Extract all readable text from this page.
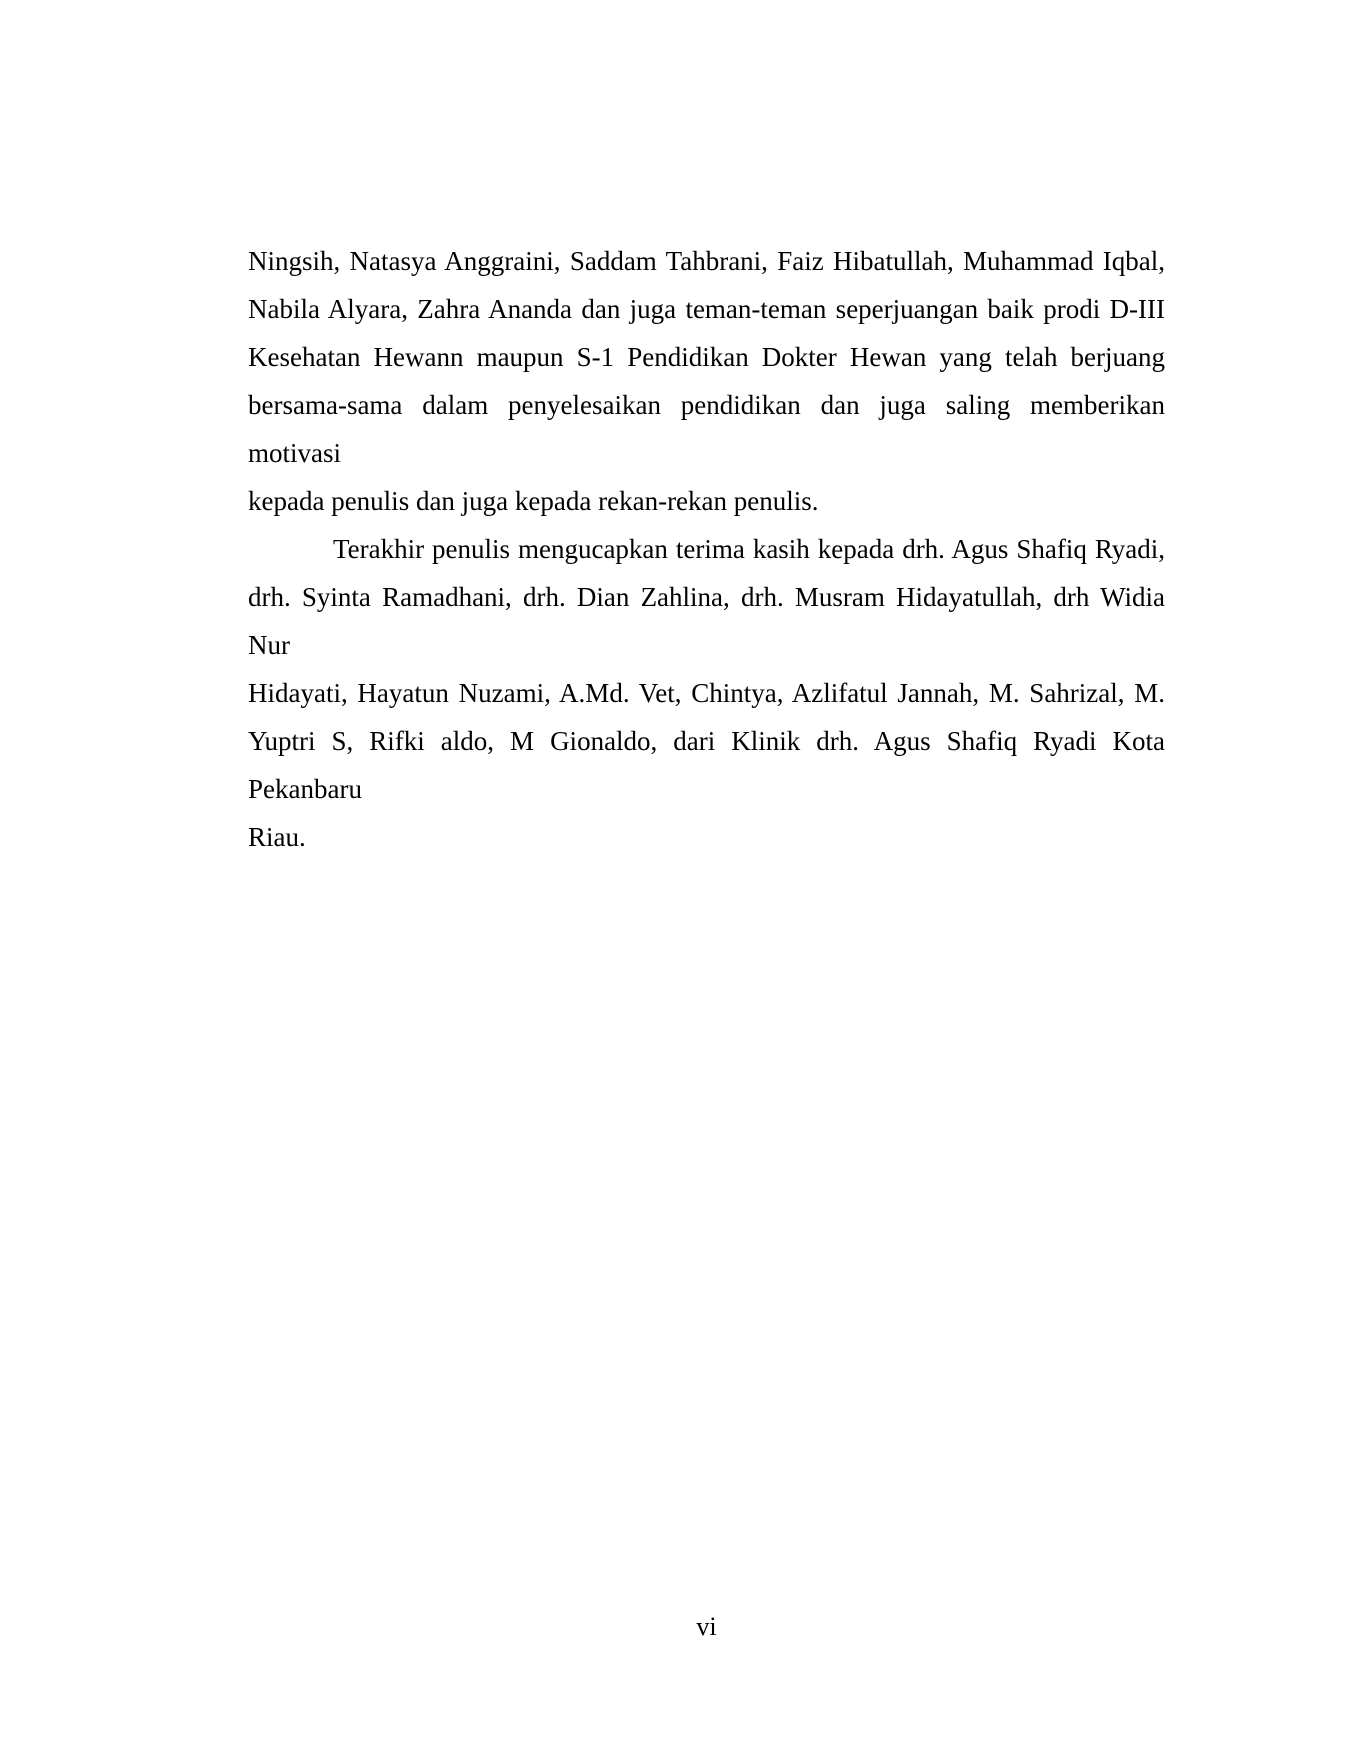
Ningsih, Natasya Anggraini, Saddam Tahbrani, Faiz Hibatullah, Muhammad Iqbal,
Nabila Alyara, Zahra Ananda dan juga teman-teman seperjuangan baik prodi D-III
Kesehatan Hewann maupun S-1 Pendidikan Dokter Hewan yang telah berjuang
bersama-sama dalam penyelesaikan pendidikan dan juga saling memberikan motivasi
kepada penulis dan juga kepada rekan-rekan penulis.

Terakhir penulis mengucapkan terima kasih kepada drh. Agus Shafiq Ryadi,
drh. Syinta Ramadhani, drh. Dian Zahlina, drh. Musram Hidayatullah, drh Widia Nur
Hidayati, Hayatun Nuzami, A.Md. Vet, Chintya, Azlifatul Jannah, M. Sahrizal, M.
Yuptri S, Rifki aldo, M Gionaldo, dari Klinik drh. Agus Shafiq Ryadi Kota Pekanbaru
Riau.

vi
